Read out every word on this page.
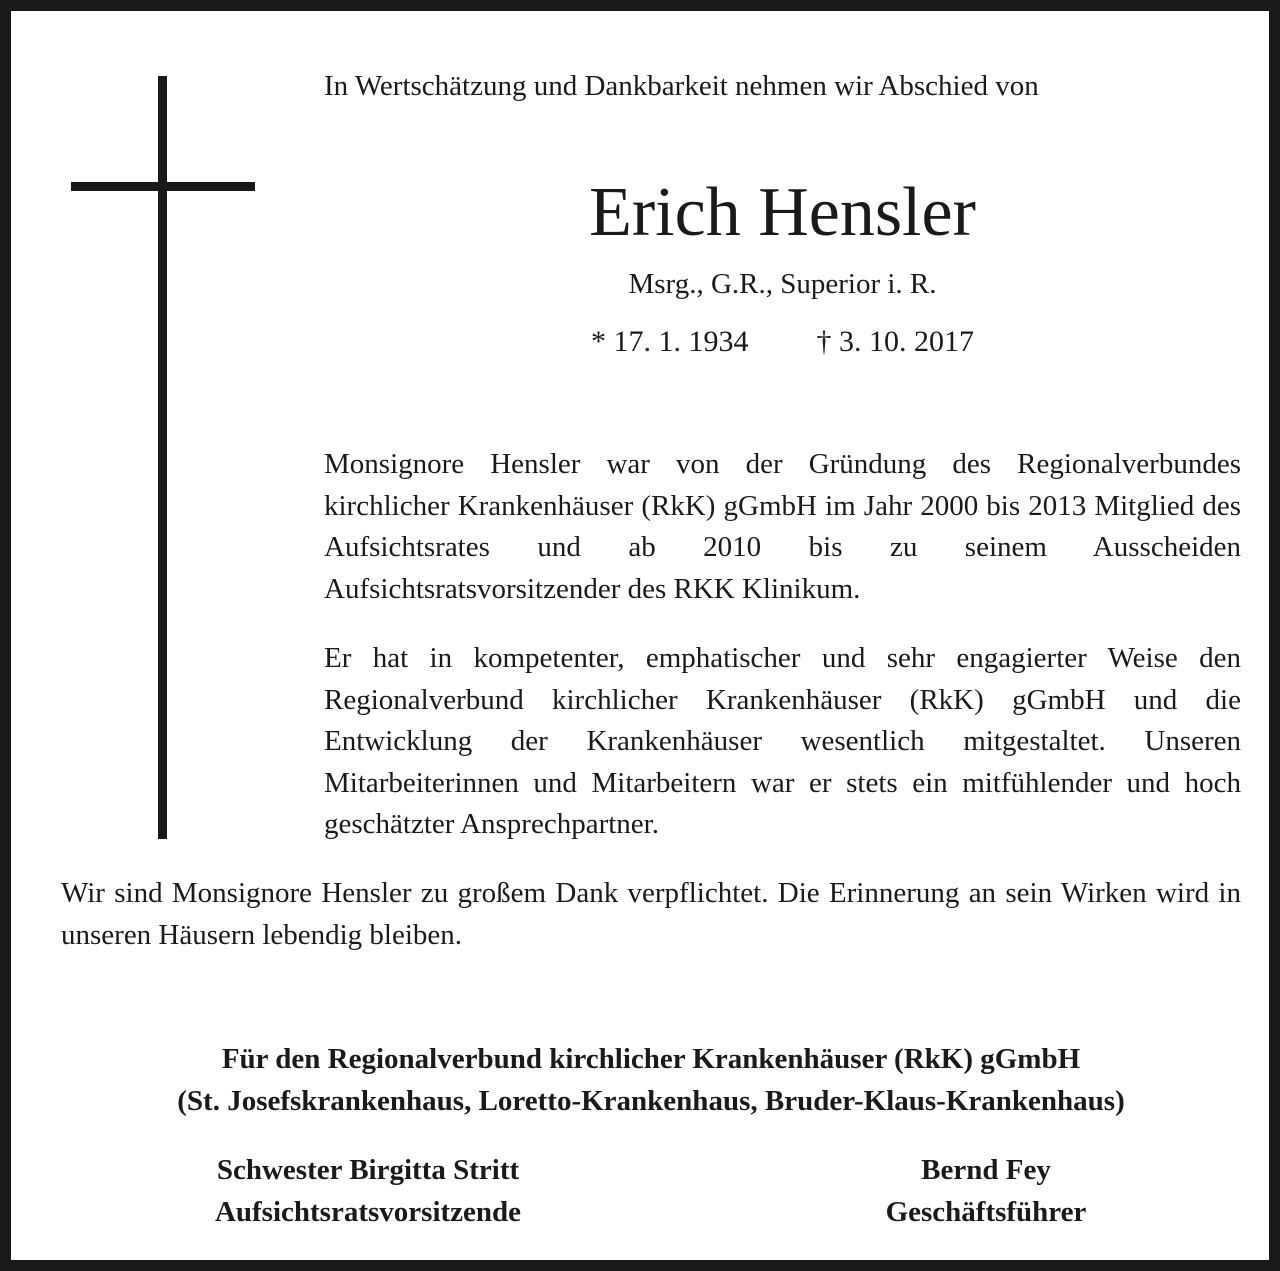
In Wertschätzung und Dankbarkeit nehmen wir Abschied von
Erich Hensler
Msrg., G.R., Superior i. R.
* 17. 1. 1934 † 3. 10. 2017
Monsignore Hensler war von der Gründung des Regionalverbundes kirchlicher Krankenhäuser (RkK) gGmbH im Jahr 2000 bis 2013 Mitglied des Aufsichtsrates und ab 2010 bis zu seinem Ausscheiden Aufsichtsratsvorsitzender des RKK Klinikum.
Er hat in kompetenter, emphatischer und sehr engagierter Weise den Regionalverbund kirchlicher Krankenhäuser (RkK) gGmbH und die Entwicklung der Krankenhäuser wesentlich mitgestaltet. Unseren Mitarbeiterinnen und Mitarbeitern war er stets ein mitfühlender und hoch geschätzter Ansprechpartner.
Wir sind Monsignore Hensler zu großem Dank verpflichtet. Die Erinnerung an sein Wirken wird in unseren Häusern lebendig bleiben.
Für den Regionalverbund kirchlicher Krankenhäuser (RkK) gGmbH
(St. Josefskrankenhaus, Loretto-Krankenhaus, Bruder-Klaus-Krankenhaus)
Schwester Birgitta Stritt
Aufsichtsratsvorsitzende
Bernd Fey
Geschäftsführer
